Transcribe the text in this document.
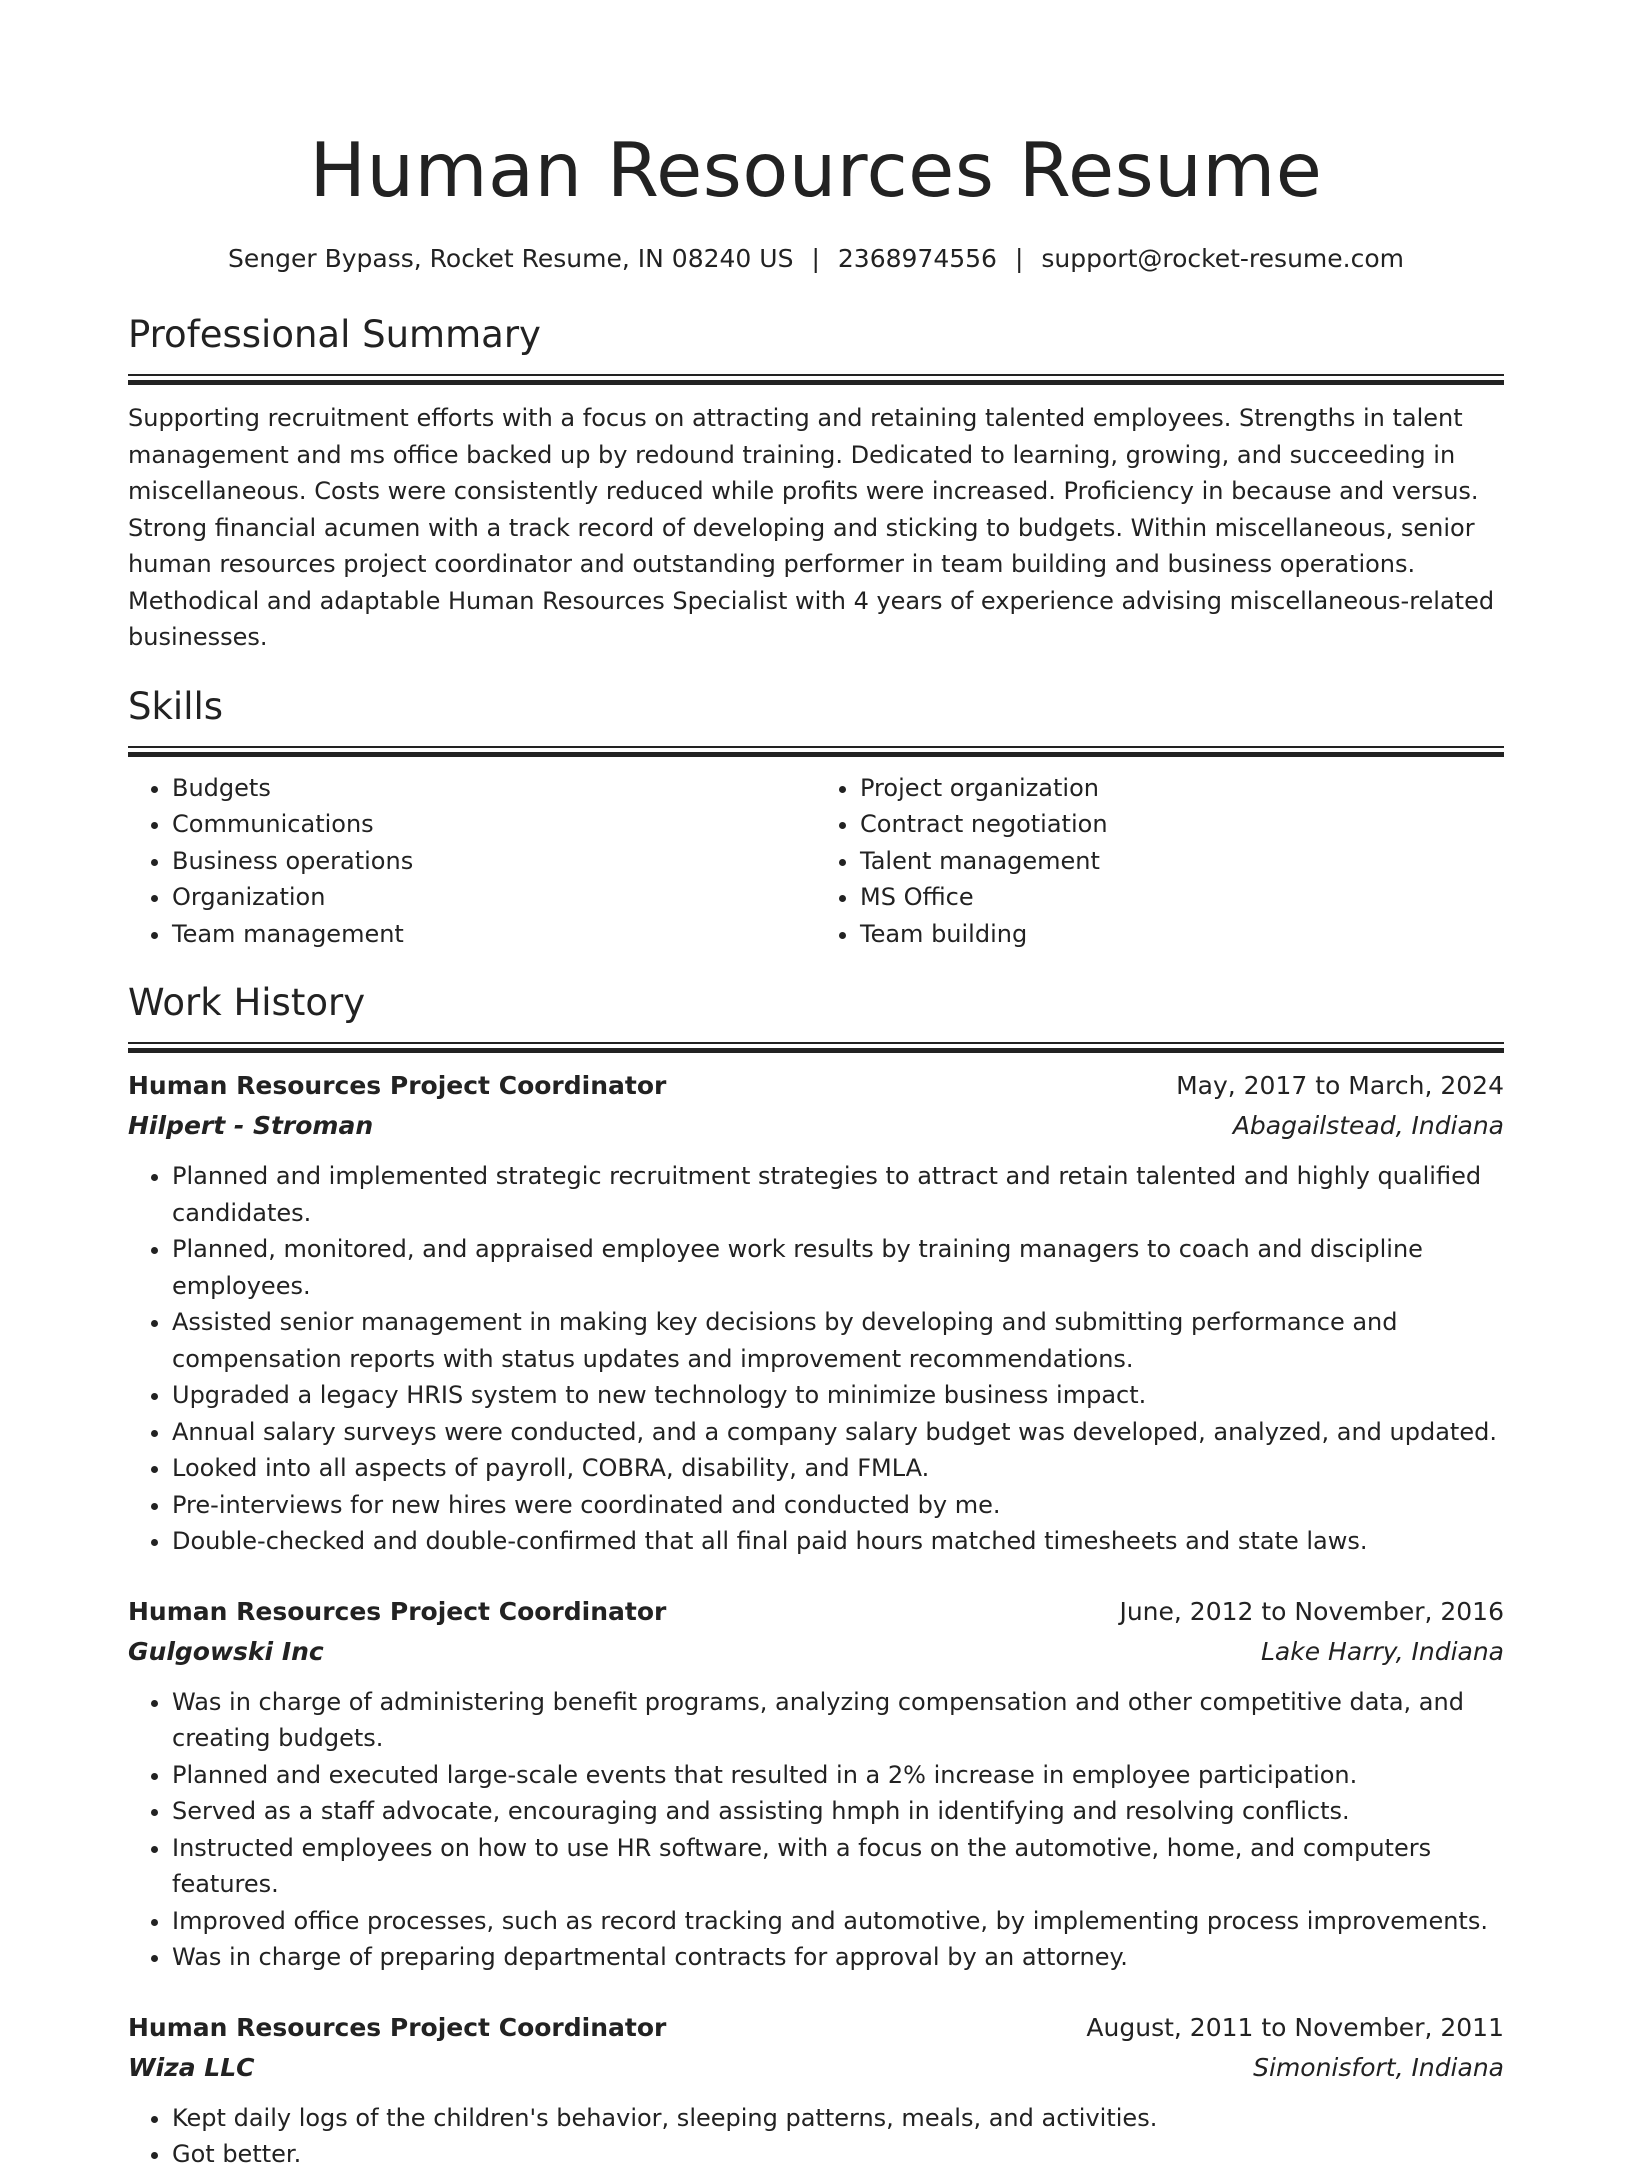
Human Resources Resume
Senger Bypass, Rocket Resume, IN 08240 US | 2368974556 | support@rocket-resume.com
Professional Summary
Supporting recruitment efforts with a focus on attracting and retaining talented employees. Strengths in talent management and ms office backed up by redound training. Dedicated to learning, growing, and succeeding in miscellaneous. Costs were consistently reduced while profits were increased. Proficiency in because and versus. Strong financial acumen with a track record of developing and sticking to budgets. Within miscellaneous, senior human resources project coordinator and outstanding performer in team building and business operations. Methodical and adaptable Human Resources Specialist with 4 years of experience advising miscellaneous-related businesses.
Skills
• Budgets
• Communications
• Business operations
• Organization
• Team management
• Project organization
• Contract negotiation
• Talent management
• MS Office
• Team building
Work History
Human Resources Project Coordinator	May, 2017 to March, 2024
Hilpert - Stroman	Abagailstead, Indiana
• Planned and implemented strategic recruitment strategies to attract and retain talented and highly qualified candidates.
• Planned, monitored, and appraised employee work results by training managers to coach and discipline employees.
• Assisted senior management in making key decisions by developing and submitting performance and compensation reports with status updates and improvement recommendations.
• Upgraded a legacy HRIS system to new technology to minimize business impact.
• Annual salary surveys were conducted, and a company salary budget was developed, analyzed, and updated.
• Looked into all aspects of payroll, COBRA, disability, and FMLA.
• Pre-interviews for new hires were coordinated and conducted by me.
• Double-checked and double-confirmed that all final paid hours matched timesheets and state laws.
Human Resources Project Coordinator	June, 2012 to November, 2016
Gulgowski Inc	Lake Harry, Indiana
• Was in charge of administering benefit programs, analyzing compensation and other competitive data, and creating budgets.
• Planned and executed large-scale events that resulted in a 2% increase in employee participation.
• Served as a staff advocate, encouraging and assisting hmph in identifying and resolving conflicts.
• Instructed employees on how to use HR software, with a focus on the automotive, home, and computers features.
• Improved office processes, such as record tracking and automotive, by implementing process improvements.
• Was in charge of preparing departmental contracts for approval by an attorney.
Human Resources Project Coordinator	August, 2011 to November, 2011
Wiza LLC	Simonisfort, Indiana
• Kept daily logs of the children's behavior, sleeping patterns, meals, and activities.
• Got better.
